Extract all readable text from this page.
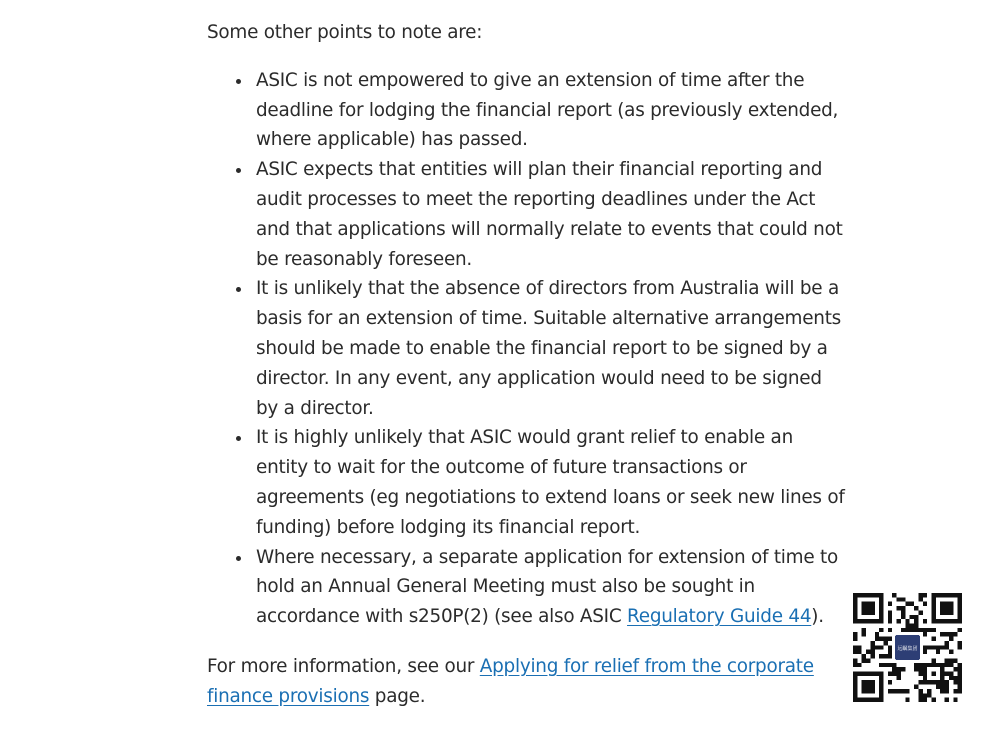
Some other points to note are:

ASIC is not empowered to give an extension of time after the deadline for lodging the financial report (as previously extended, where applicable) has passed.
ASIC expects that entities will plan their financial reporting and audit processes to meet the reporting deadlines under the Act and that applications will normally relate to events that could not be reasonably foreseen.
It is unlikely that the absence of directors from Australia will be a basis for an extension of time. Suitable alternative arrangements should be made to enable the financial report to be signed by a director. In any event, any application would need to be signed by a director.
It is highly unlikely that ASIC would grant relief to enable an entity to wait for the outcome of future transactions or agreements (eg negotiations to extend loans or seek new lines of funding) before lodging its financial report.
Where necessary, a separate application for extension of time to hold an Annual General Meeting must also be sought in accordance with s250P(2) (see also ASIC Regulatory Guide 44).

For more information, see our Applying for relief from the corporate finance provisions page.

远瞩集团
